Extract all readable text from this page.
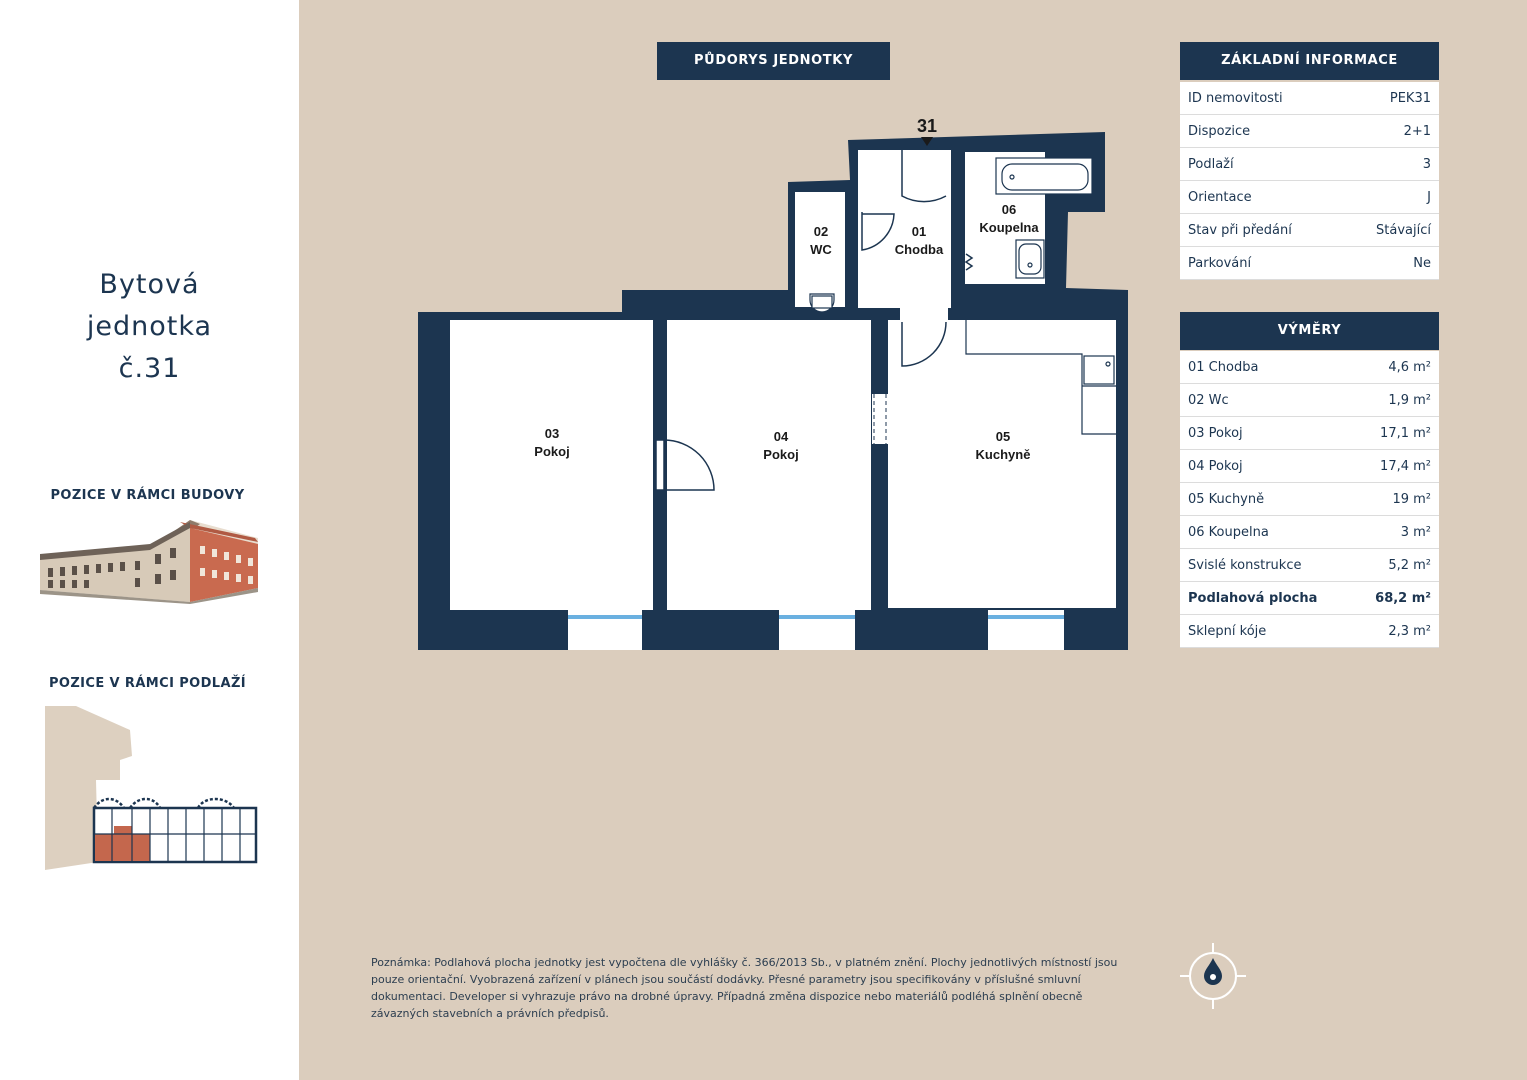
Bytová
jednotka
č.31
POZICE V RÁMCI BUDOVY
POZICE V RÁMCI PODLAŽÍ
PŮDORYS JEDNOTKY
31
01
Chodba
02
WC
03
Pokoj
04
Pokoj
05
Kuchyně
06
Koupelna
ZÁKLADNÍ INFORMACE
ID nemovitosti	PEK31
Dispozice	2+1
Podlaží	3
Orientace	J
Stav při předání	Stávající
Parkování	Ne
VÝMĚRY
01 Chodba	4,6 m²
02 Wc	1,9 m²
03 Pokoj	17,1 m²
04 Pokoj	17,4 m²
05 Kuchyně	19 m²
06 Koupelna	3 m²
Svislé konstrukce	5,2 m²
Podlahová plocha	68,2 m²
Sklepní kóje	2,3 m²
Poznámka: Podlahová plocha jednotky jest vypočtena dle vyhlášky č. 366/2013 Sb., v platném znění. Plochy jednotlivých místností jsou pouze orientační. Vyobrazená zařízení v plánech jsou součástí dodávky. Přesné parametry jsou specifikovány v příslušné smluvní dokumentaci. Developer si vyhrazuje právo na drobné úpravy. Případná změna dispozice nebo materiálů podléhá splnění obecně závazných stavebních a právních předpisů.
